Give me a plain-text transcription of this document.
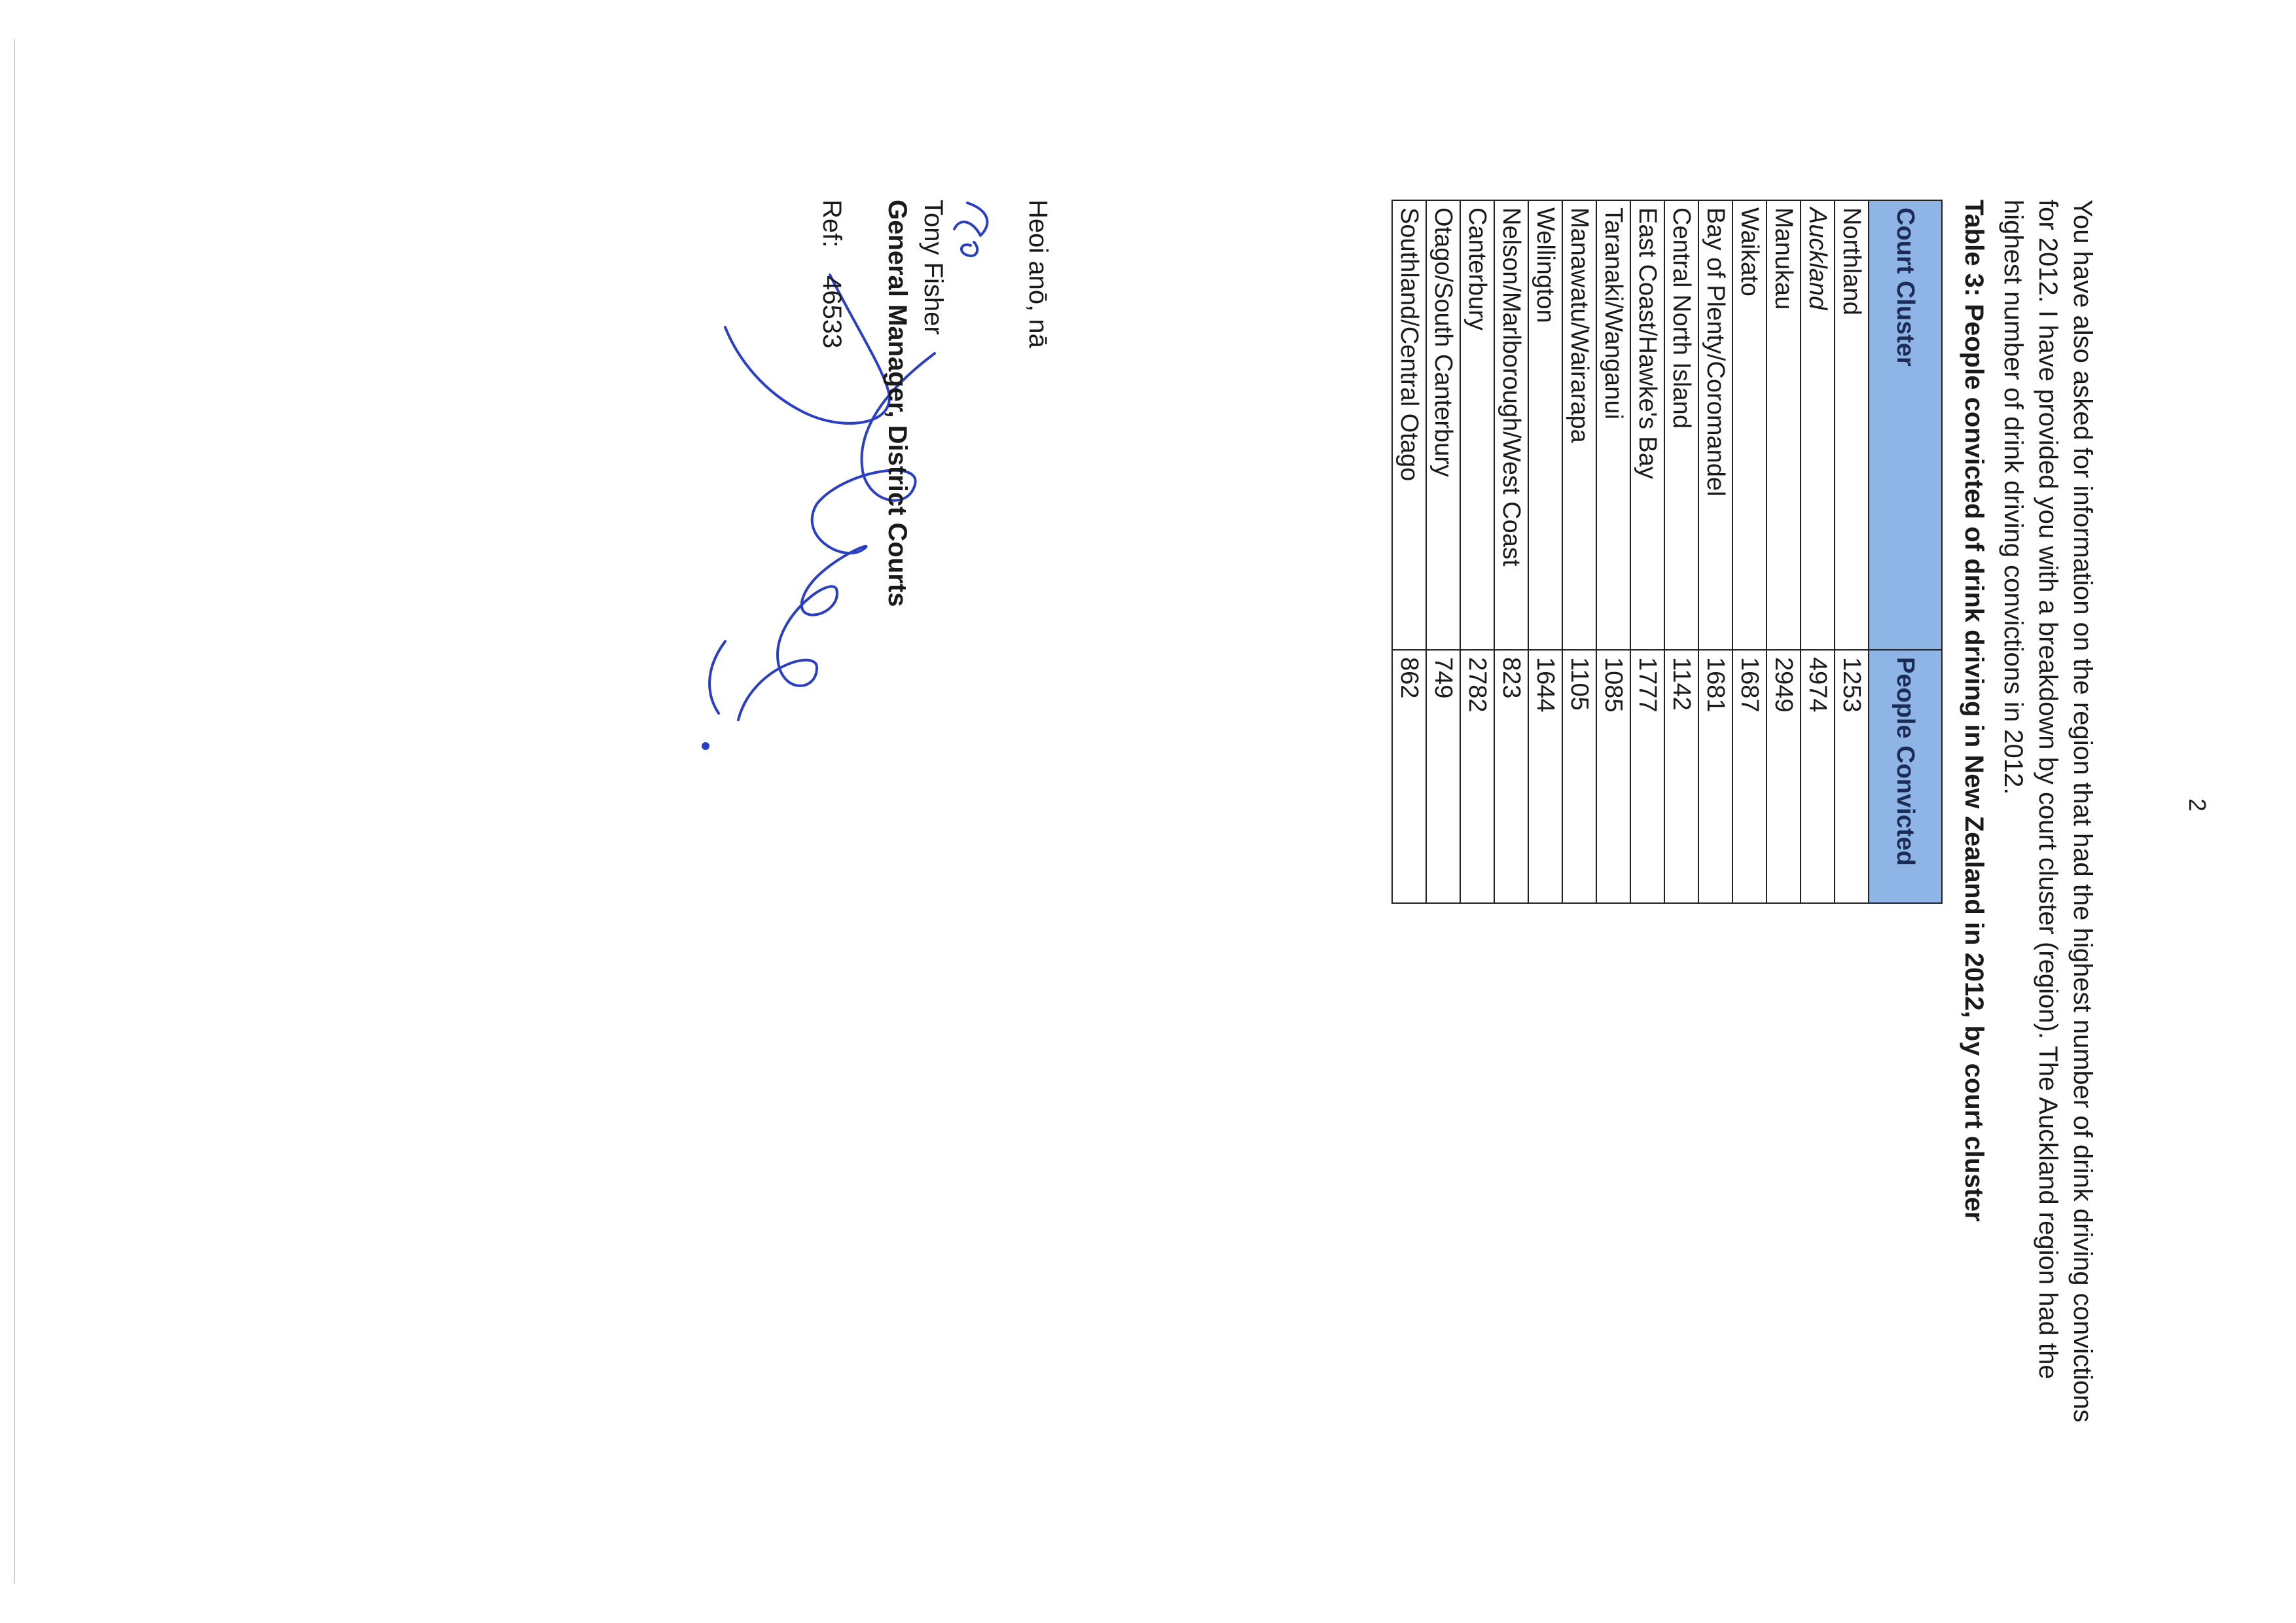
2

You have also asked for information on the region that had the highest number of drink driving convictions for 2012. I have provided you with a breakdown by court cluster (region). The Auckland region had the highest number of drink driving convictions in 2012.

Table 3: People convicted of drink driving in New Zealand in 2012, by court cluster

Court Cluster	People Convicted
Northland	1253
Auckland	4974
Manukau	2949
Waikato	1687
Bay of Plenty/Coromandel	1681
Central North Island	1142
East Coast/Hawke's Bay	1777
Taranaki/Wanganui	1085
Manawatu/Wairarapa	1105
Wellington	1644
Nelson/Marlborough/West Coast	823
Canterbury	2782
Otago/South Canterbury	749
Southland/Central Otago	862
Heoi anō, nā
Tony Fisher
General Manager, District Courts
Ref: 46533
